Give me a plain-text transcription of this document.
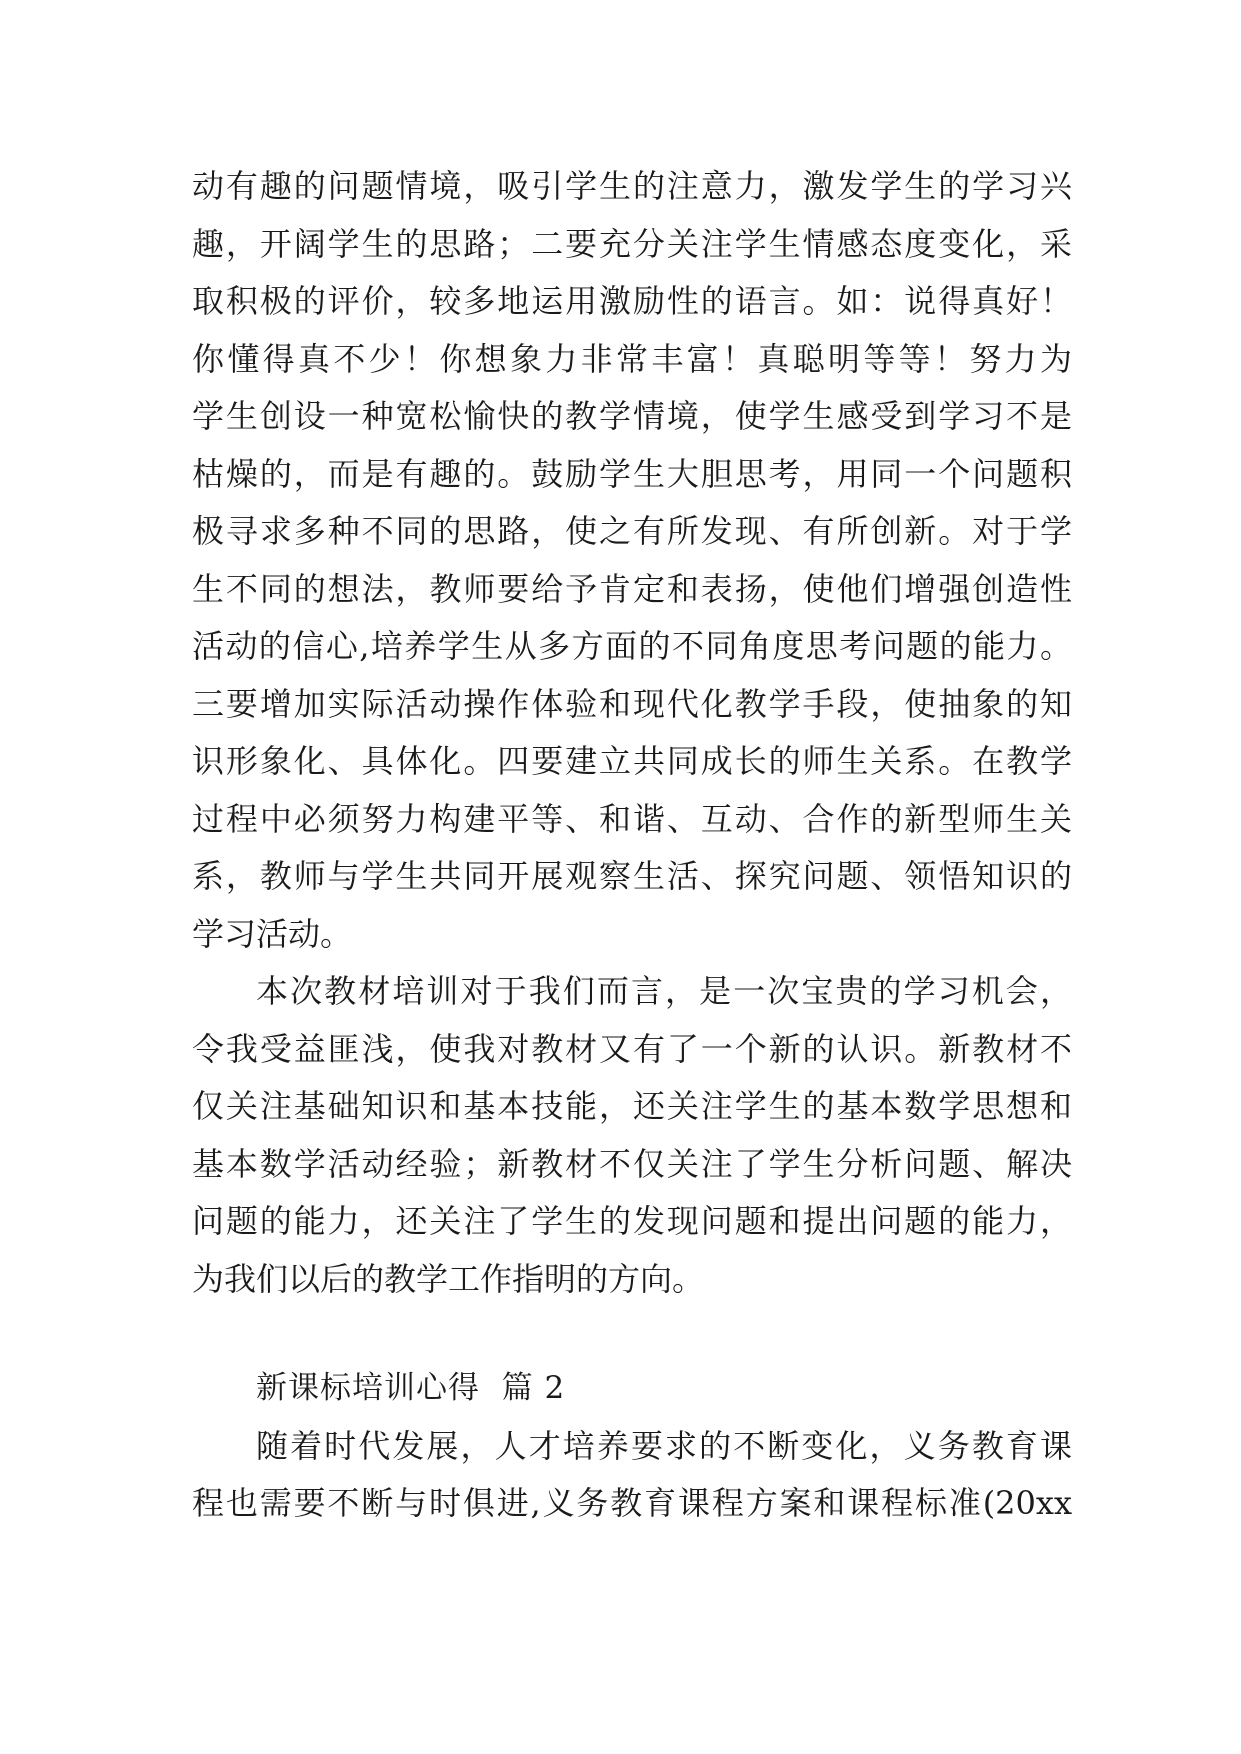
动有趣的问题情境，吸引学生的注意力，激发学生的学习兴
趣，开阔学生的思路；二要充分关注学生情感态度变化，采
取积极的评价，较多地运用激励性的语言。如：说得真好！
你懂得真不少！你想象力非常丰富！真聪明等等！努力为
学生创设一种宽松愉快的教学情境，使学生感受到学习不是
枯燥的，而是有趣的。鼓励学生大胆思考，用同一个问题积
极寻求多种不同的思路，使之有所发现、有所创新。对于学
生不同的想法，教师要给予肯定和表扬，使他们增强创造性
活动的信心,培养学生从多方面的不同角度思考问题的能力。
三要增加实际活动操作体验和现代化教学手段，使抽象的知
识形象化、具体化。四要建立共同成长的师生关系。在教学
过程中必须努力构建平等、和谐、互动、合作的新型师生关
系，教师与学生共同开展观察生活、探究问题、领悟知识的
学习活动。
本次教材培训对于我们而言，是一次宝贵的学习机会，
令我受益匪浅，使我对教材又有了一个新的认识。新教材不
仅关注基础知识和基本技能，还关注学生的基本数学思想和
基本数学活动经验；新教材不仅关注了学生分析问题、解决
问题的能力，还关注了学生的发现问题和提出问题的能力，
为我们以后的教学工作指明的方向。
新课标培训心得  篇 2
随着时代发展，人才培养要求的不断变化，义务教育课
程也需要不断与时俱进,义务教育课程方案和课程标准(20xx
